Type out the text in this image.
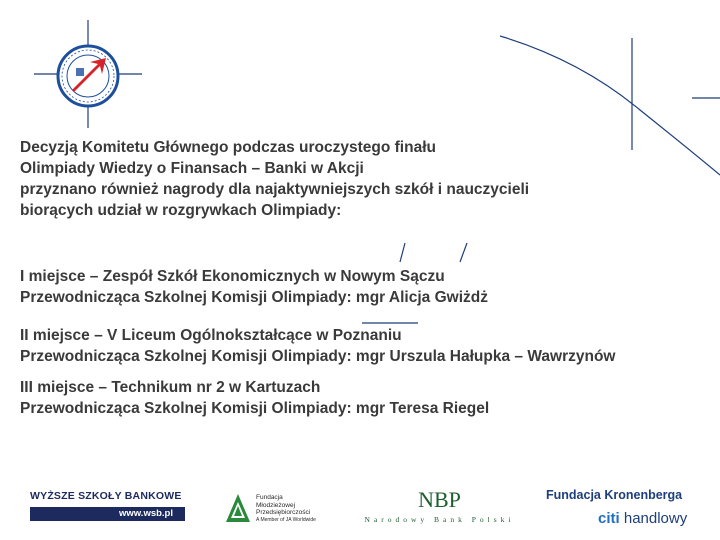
Decyzją Komitetu Głównego podczas uroczystego finału
Olimpiady Wiedzy o Finansach – Banki w Akcji
przyznano również nagrody dla najaktywniejszych szkół i nauczycieli
biorących udział w rozgrywkach Olimpiady:
I miejsce – Zespół Szkół Ekonomicznych w Nowym Sączu
Przewodnicząca Szkolnej Komisji Olimpiady: mgr Alicja Gwiżdż
II miejsce – V Liceum Ogólnokształcące w Poznaniu
Przewodnicząca Szkolnej Komisji Olimpiady: mgr Urszula Hałupka – Wawrzynów
III miejsce – Technikum nr 2 w Kartuzach
Przewodnicząca Szkolnej Komisji Olimpiady: mgr Teresa Riegel
WYŻSZE SZKOŁY BANKOWE
www.wsb.pl
Fundacja
Młodzieżowej
Przedsiębiorczości
A Member of JA Worldwide
NBP
Narodowy Bank Polski
Fundacja Kronenberga
citi handlowy
